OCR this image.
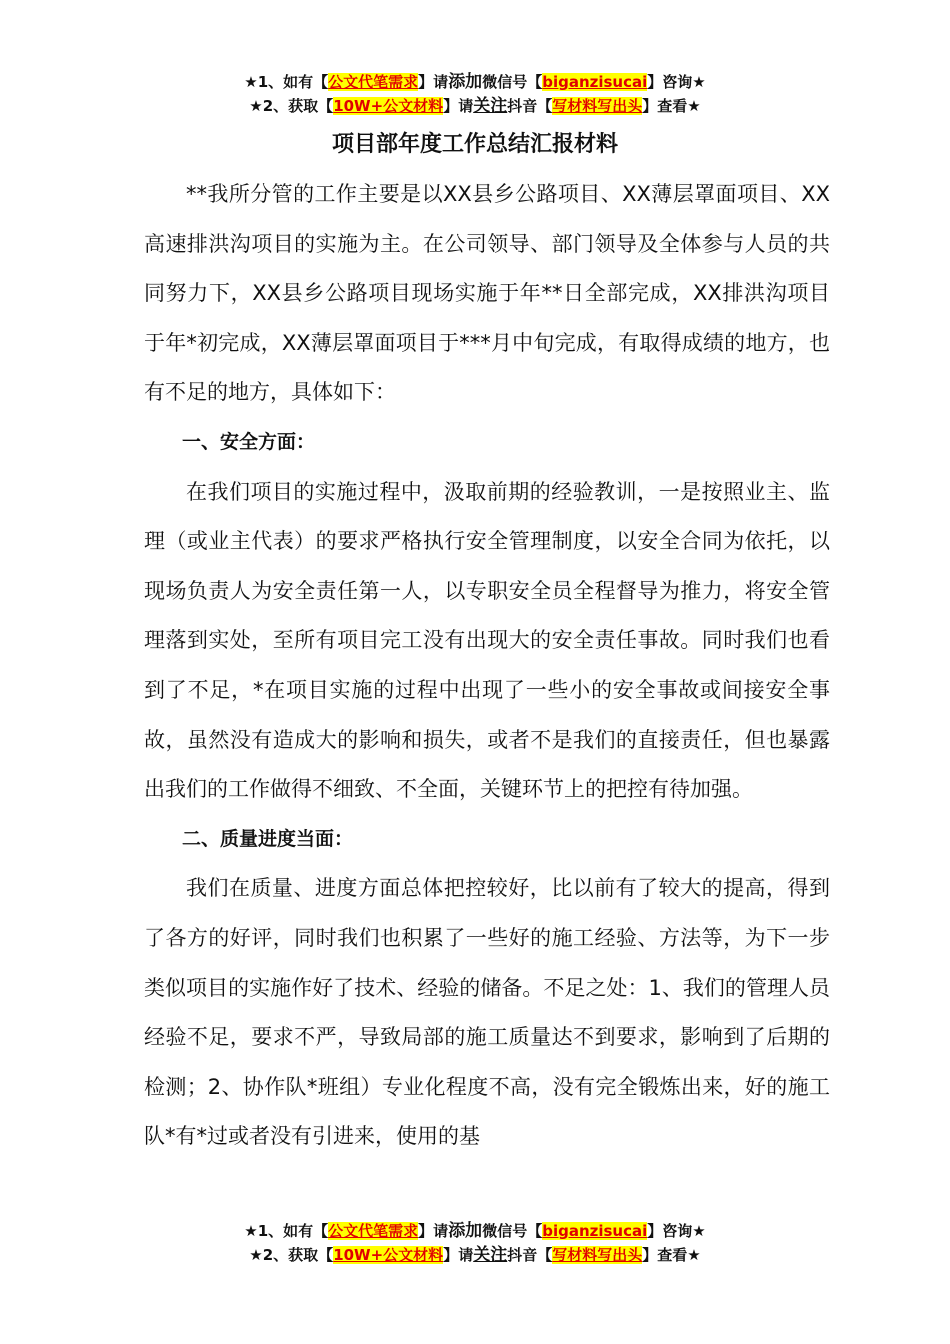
★1、如有【公文代笔需求】请添加微信号【biganzisucai】咨询★
★2、获取【10W+公文材料】请关注抖音【写材料写出头】查看★
项目部年度工作总结汇报材料

**我所分管的工作主要是以XX县乡公路项目、XX薄层罩面项目、XX高速排洪沟项目的实施为主。在公司领导、部门领导及全体参与人员的共同努力下，XX县乡公路项目现场实施于年**日全部完成，XX排洪沟项目于年*初完成，XX薄层罩面项目于***月中旬完成，有取得成绩的地方，也有不足的地方，具体如下：

一、安全方面：

在我们项目的实施过程中，汲取前期的经验教训，一是按照业主、监理（或业主代表）的要求严格执行安全管理制度，以安全合同为依托，以现场负责人为安全责任第一人，以专职安全员全程督导为推力，将安全管理落到实处，至所有项目完工没有出现大的安全责任事故。同时我们也看到了不足，*在项目实施的过程中出现了一些小的安全事故或间接安全事故，虽然没有造成大的影响和损失，或者不是我们的直接责任，但也暴露出我们的工作做得不细致、不全面，关键环节上的把控有待加强。

二、质量进度当面：

我们在质量、进度方面总体把控较好，比以前有了较大的提高，得到了各方的好评，同时我们也积累了一些好的施工经验、方法等，为下一步类似项目的实施作好了技术、经验的储备。不足之处：1、我们的管理人员经验不足，要求不严，导致局部的施工质量达不到要求，影响到了后期的检测；2、协作队*班组）专业化程度不高，没有完全锻炼出来，好的施工队*有*过或者没有引进来，使用的基

★1、如有【公文代笔需求】请添加微信号【biganzisucai】咨询★
★2、获取【10W+公文材料】请关注抖音【写材料写出头】查看★
